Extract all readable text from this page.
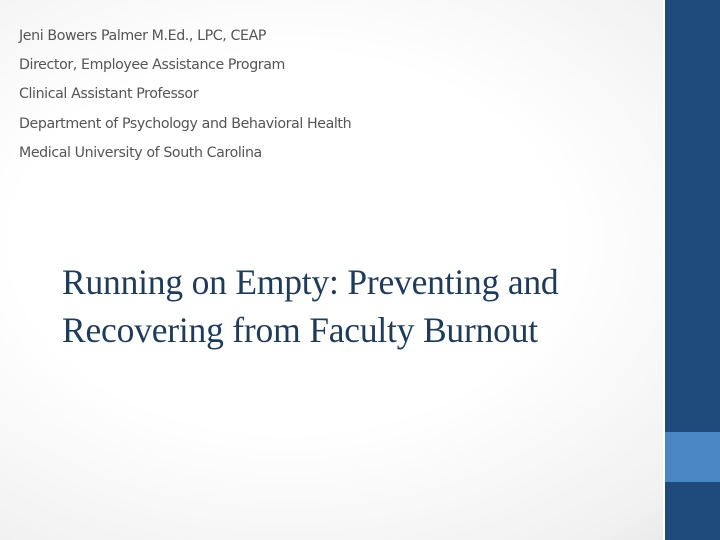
Jeni Bowers Palmer M.Ed., LPC, CEAP
Director, Employee Assistance Program
Clinical Assistant Professor
Department of Psychology and Behavioral Health
Medical University of South Carolina
Running on Empty: Preventing and
Recovering from Faculty Burnout
